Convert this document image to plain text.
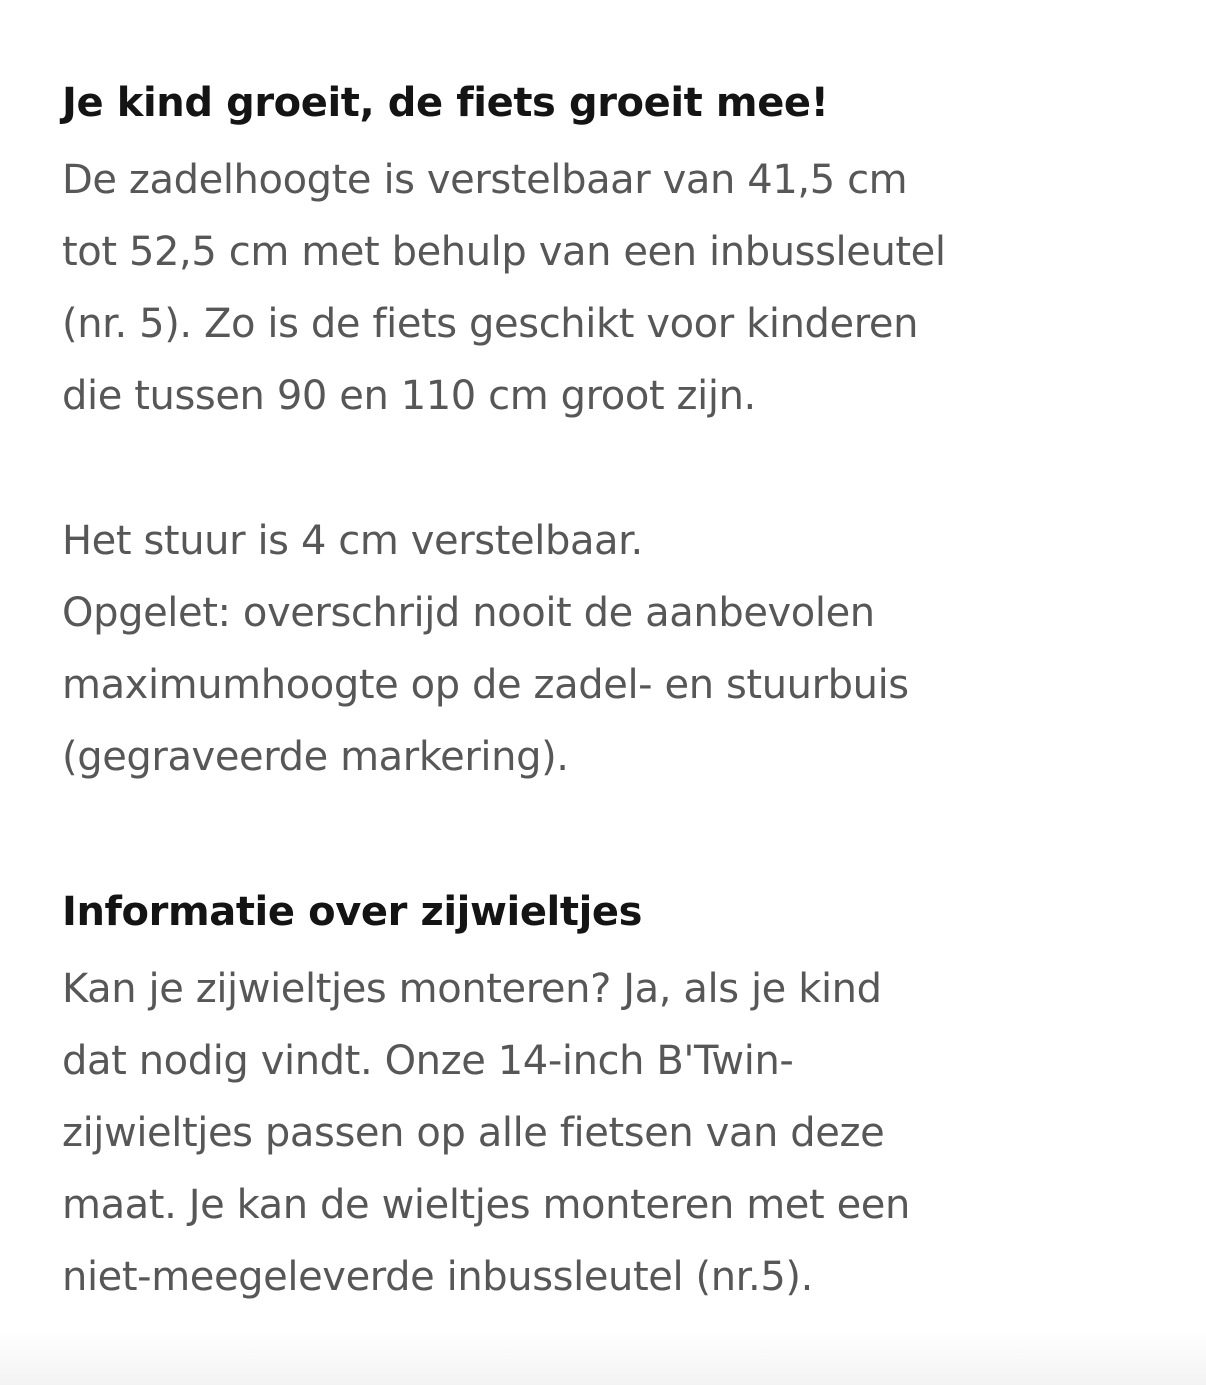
Je kind groeit, de fiets groeit mee!

De zadelhoogte is verstelbaar van 41,5 cm
tot 52,5 cm met behulp van een inbussleutel
(nr. 5). Zo is de fiets geschikt voor kinderen
die tussen 90 en 110 cm groot zijn.

Het stuur is 4 cm verstelbaar.
Opgelet: overschrijd nooit de aanbevolen
maximumhoogte op de zadel- en stuurbuis
(gegraveerde markering).

Informatie over zijwieltjes

Kan je zijwieltjes monteren? Ja, als je kind
dat nodig vindt. Onze 14-inch B'Twin-
zijwieltjes passen op alle fietsen van deze
maat. Je kan de wieltjes monteren met een
niet-meegeleverde inbussleutel (nr.5).
